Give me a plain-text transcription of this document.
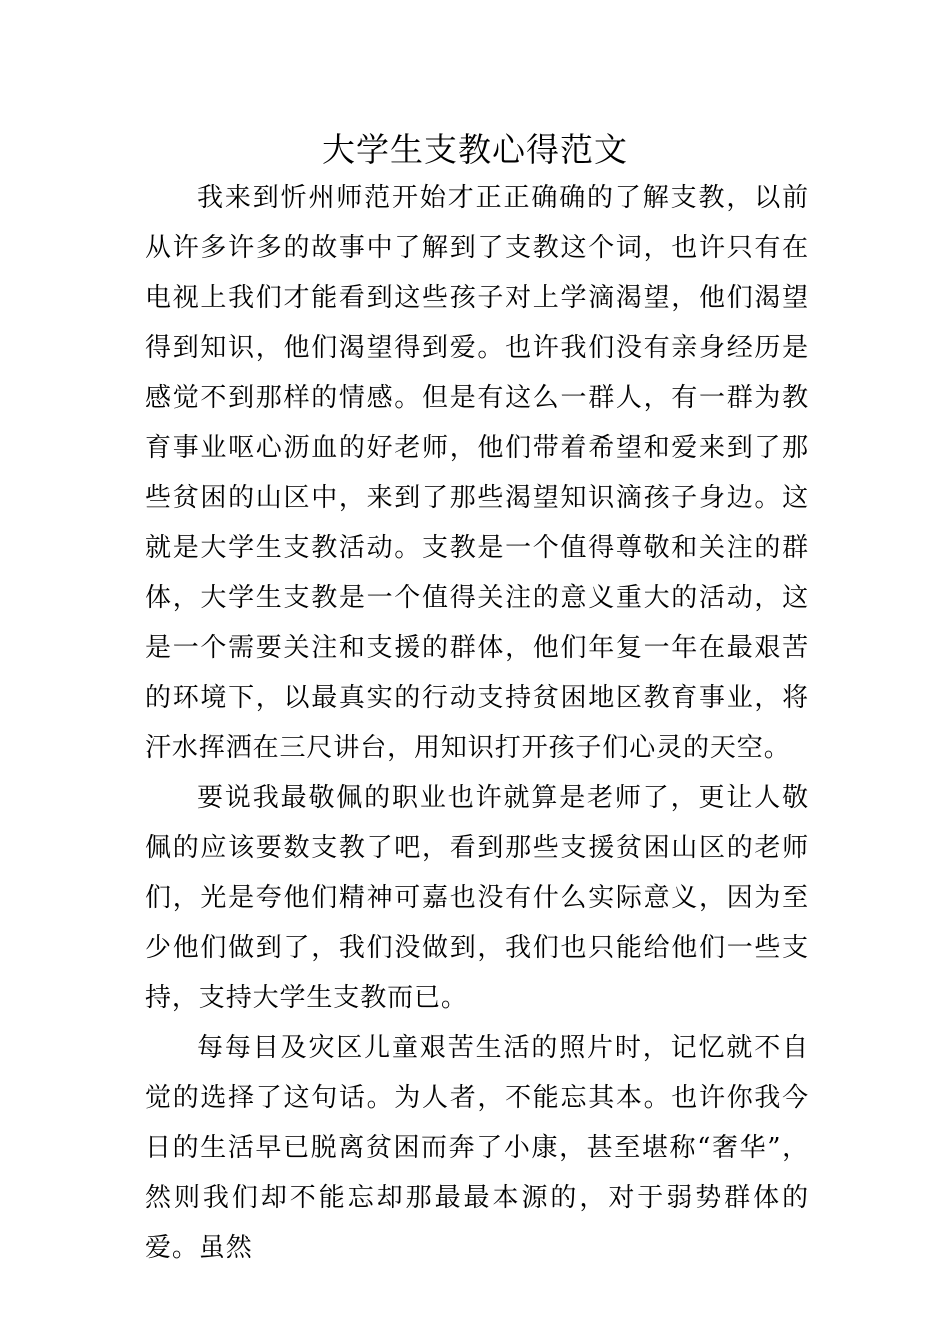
大学生支教心得范文

我来到忻州师范开始才正正确确的了解支教，以前从许多许多的故事中了解到了支教这个词，也许只有在电视上我们才能看到这些孩子对上学滴渴望，他们渴望得到知识，他们渴望得到爱。也许我们没有亲身经历是感觉不到那样的情感。但是有这么一群人，有一群为教育事业呕心沥血的好老师，他们带着希望和爱来到了那些贫困的山区中，来到了那些渴望知识滴孩子身边。这就是大学生支教活动。支教是一个值得尊敬和关注的群体，大学生支教是一个值得关注的意义重大的活动，这是一个需要关注和支援的群体，他们年复一年在最艰苦的环境下，以最真实的行动支持贫困地区教育事业，将汗水挥洒在三尺讲台，用知识打开孩子们心灵的天空。

要说我最敬佩的职业也许就算是老师了，更让人敬佩的应该要数支教了吧，看到那些支援贫困山区的老师们，光是夸他们精神可嘉也没有什么实际意义，因为至少他们做到了，我们没做到，我们也只能给他们一些支持，支持大学生支教而已。

每每目及灾区儿童艰苦生活的照片时，记忆就不自觉的选择了这句话。为人者，不能忘其本。也许你我今日的生活早已脱离贫困而奔了小康，甚至堪称“奢华”，然则我们却不能忘却那最最本源的，对于弱势群体的爱。虽然
